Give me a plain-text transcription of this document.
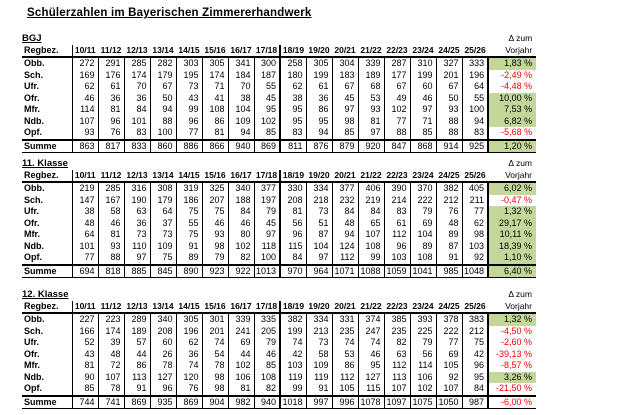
Schülerzahlen im Bayerischen Zimmererhandwerk
BGJ																	Δ zum
Regbez.	10/11	11/12	12/13	13/14	14/15	15/16	16/17	17/18	18/19	19/20	20/21	21/22	22/23	23/24	24/25	25/26	Vorjahr
Obb.	272	291	285	282	303	305	341	300	258	305	304	339	287	310	327	333	1,83 %
Sch.	169	176	174	179	195	174	184	187	180	199	183	189	177	199	201	196	-2,49 %
Ufr.	62	61	70	67	73	71	70	55	62	61	67	68	67	60	67	64	-4,48 %
Ofr.	46	36	36	50	43	41	38	45	38	36	45	53	49	46	50	55	10,00 %
Mfr.	114	81	84	94	99	108	104	95	95	86	97	93	102	97	93	100	7,53 %
Ndb.	107	96	101	88	96	86	109	102	95	95	98	81	77	71	88	94	6,82 %
Opf.	93	76	83	100	77	81	94	85	83	94	85	97	88	85	88	83	-5,68 %
Summe	863	817	833	860	886	866	940	869	811	876	879	920	847	868	914	925	1,20 %
11. Klasse																	Δ zum
Regbez.	10/11	11/12	12/13	13/14	14/15	15/16	16/17	17/18	18/19	19/20	20/21	21/22	22/23	23/24	24/25	25/26	Vorjahr
Obb.	219	285	316	308	319	325	340	377	330	334	377	406	390	370	382	405	6,02 %
Sch.	147	167	190	179	186	207	188	197	208	218	232	219	214	222	212	211	-0,47 %
Ufr.	38	58	63	64	75	75	84	79	81	73	84	84	83	79	76	77	1,32 %
Ofr.	48	46	36	37	55	46	46	45	56	51	48	65	61	69	48	62	29,17 %
Mfr.	64	81	73	73	75	93	80	97	96	87	94	107	112	104	89	98	10,11 %
Ndb.	101	93	110	109	91	98	102	118	115	104	124	108	96	89	87	103	18,39 %
Opf.	77	88	97	75	89	79	82	100	84	97	112	99	103	108	91	92	1,10 %
Summe	694	818	885	845	890	923	922	1013	970	964	1071	1088	1059	1041	985	1048	6,40 %
12. Klasse																	Δ zum
Regbez.	10/11	11/12	12/13	13/14	14/15	15/16	16/17	17/18	18/19	19/20	20/21	21/22	22/23	23/24	24/25	25/26	Vorjahr
Obb.	227	223	289	340	305	301	339	335	382	334	331	374	385	393	378	383	1,32 %
Sch.	166	174	189	208	196	201	241	205	199	213	235	247	235	225	222	212	-4,50 %
Ufr.	52	39	57	60	62	74	69	79	74	73	74	74	82	79	77	75	-2,60 %
Ofr.	43	48	44	26	36	54	44	46	42	58	53	46	63	56	69	42	-39,13 %
Mfr.	81	72	86	78	74	78	102	85	103	109	86	95	112	114	105	96	-8,57 %
Ndb.	90	107	113	127	120	98	106	108	119	119	112	127	113	106	92	95	3,26 %
Opf.	85	78	91	96	76	98	81	82	99	91	105	115	107	102	107	84	-21,50 %
Summe	744	741	869	935	869	904	982	940	1018	997	996	1078	1097	1075	1050	987	-6,00 %
